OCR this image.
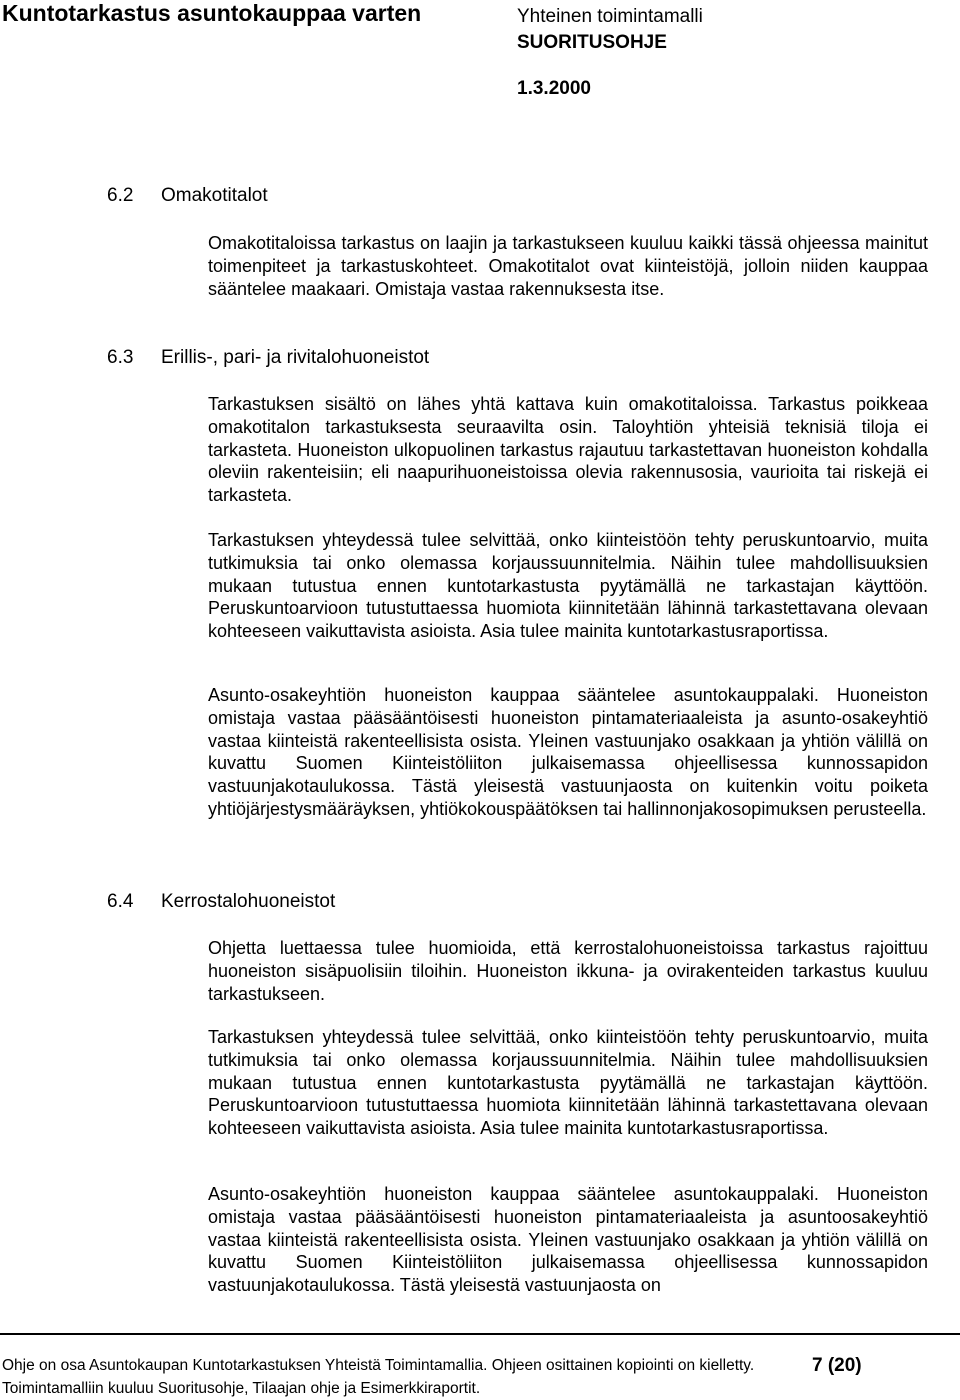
Kuntotarkastus asuntokauppaa varten	Yhteinen toimintamalli
SUORITUSOHJE
1.3.2000
6.2 Omakotitalot

Omakotitaloissa tarkastus on laajin ja tarkastukseen kuuluu kaikki tässä ohjeessa mainitut toimenpiteet ja tarkastuskohteet. Omakotitalot ovat kiinteistöjä, jolloin niiden kauppaa sääntelee maakaari. Omistaja vastaa rakennuksesta itse.

6.3 Erillis-, pari- ja rivitalohuoneistot

Tarkastuksen sisältö on lähes yhtä kattava kuin omakotitaloissa. Tarkastus poikkeaa omakotitalon tarkastuksesta seuraavilta osin. Taloyhtiön yhteisiä teknisiä tiloja ei tarkasteta. Huoneiston ulkopuolinen tarkastus rajautuu tarkastettavan huoneiston kohdalla oleviin rakenteisiin; eli naapurihuoneistoissa olevia rakennusosia, vaurioita tai riskejä ei tarkasteta.

Tarkastuksen yhteydessä tulee selvittää, onko kiinteistöön tehty peruskuntoarvio, muita tutkimuksia tai onko olemassa korjaussuunnitelmia. Näihin tulee mahdollisuuksien mukaan tutustua ennen kuntotarkastusta pyytämällä ne tarkastajan käyttöön. Peruskuntoarvioon tutustuttaessa huomiota kiinnitetään lähinnä tarkastettavana olevaan kohteeseen vaikuttavista asioista. Asia tulee mainita kuntotarkastusraportissa.

Asunto-osakeyhtiön huoneiston kauppaa sääntelee asuntokauppalaki. Huoneiston omistaja vastaa pääsääntöisesti huoneiston pintamateriaaleista ja asunto-osakeyhtiö vastaa kiinteistä rakenteellisista osista. Yleinen vastuunjako osakkaan ja yhtiön välillä on kuvattu Suomen Kiinteistöliiton julkaisemassa ohjeellisessa kunnossapidon vastuunjakotaulukossa. Tästä yleisestä vastuunjaosta on kuitenkin voitu poiketa yhtiöjärjestysmääräyksen, yhtiökokouspäätöksen tai hallinnonjakosopimuksen perusteella.

6.4 Kerrostalohuoneistot

Ohjetta luettaessa tulee huomioida, että kerrostalohuoneistoissa tarkastus rajoittuu huoneiston sisäpuolisiin tiloihin. Huoneiston ikkuna- ja ovirakenteiden tarkastus kuuluu tarkastukseen.

Tarkastuksen yhteydessä tulee selvittää, onko kiinteistöön tehty peruskuntoarvio, muita tutkimuksia tai onko olemassa korjaussuunnitelmia. Näihin tulee mahdollisuuksien mukaan tutustua ennen kuntotarkastusta pyytämällä ne tarkastajan käyttöön. Peruskuntoarvioon tutustuttaessa huomiota kiinnitetään lähinnä tarkastettavana olevaan kohteeseen vaikuttavista asioista. Asia tulee mainita kuntotarkastusraportissa.

Asunto-osakeyhtiön huoneiston kauppaa sääntelee asuntokauppalaki. Huoneiston omistaja vastaa pääsääntöisesti huoneiston pintamateriaaleista ja asuntoosakeyhtiö vastaa kiinteistä rakenteellisista osista. Yleinen vastuunjako osakkaan ja yhtiön välillä on kuvattu Suomen Kiinteistöliiton julkaisemassa ohjeellisessa kunnossapidon vastuunjakotaulukossa. Tästä yleisestä vastuunjaosta on

Ohje on osa Asuntokaupan Kuntotarkastuksen Yhteistä Toimintamallia. Ohjeen osittainen kopiointi on kielletty.	7 (20)
Toimintamalliin kuuluu Suoritusohje, Tilaajan ohje ja Esimerkkiraportit.
